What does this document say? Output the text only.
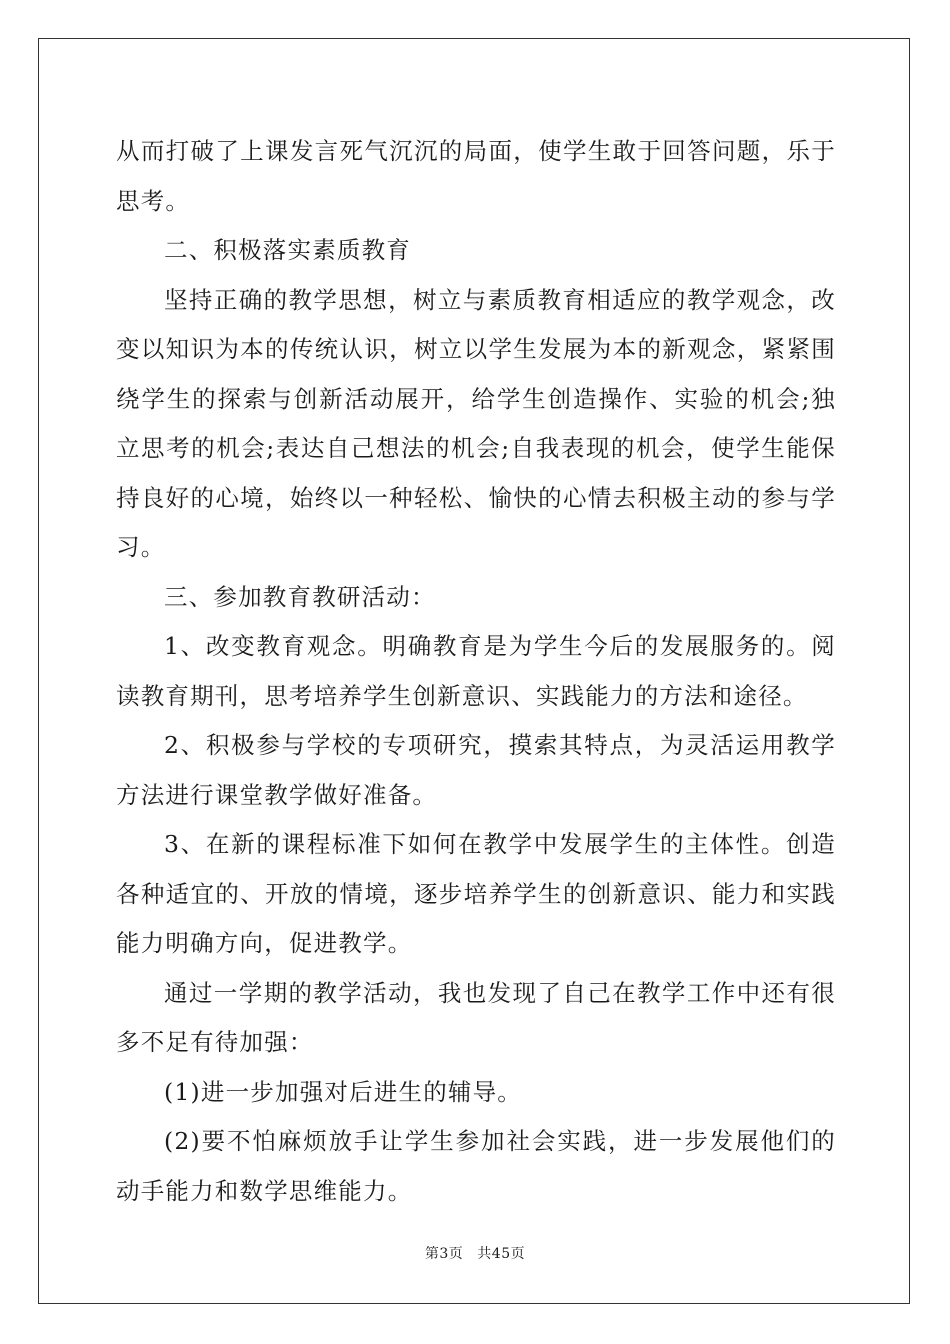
从而打破了上课发言死气沉沉的局面，使学生敢于回答问题，乐于思考。

二、积极落实素质教育

坚持正确的教学思想，树立与素质教育相适应的教学观念，改变以知识为本的传统认识，树立以学生发展为本的新观念，紧紧围绕学生的探索与创新活动展开，给学生创造操作、实验的机会;独立思考的机会;表达自己想法的机会;自我表现的机会，使学生能保持良好的心境，始终以一种轻松、愉快的心情去积极主动的参与学习。

三、参加教育教研活动：

1、改变教育观念。明确教育是为学生今后的发展服务的。阅读教育期刊，思考培养学生创新意识、实践能力的方法和途径。

2、积极参与学校的专项研究，摸索其特点，为灵活运用教学方法进行课堂教学做好准备。

3、在新的课程标准下如何在教学中发展学生的主体性。创造各种适宜的、开放的情境，逐步培养学生的创新意识、能力和实践能力明确方向，促进教学。

通过一学期的教学活动，我也发现了自己在教学工作中还有很多不足有待加强：

(1)进一步加强对后进生的辅导。

(2)要不怕麻烦放手让学生参加社会实践，进一步发展他们的动手能力和数学思维能力。

第3页 共45页
